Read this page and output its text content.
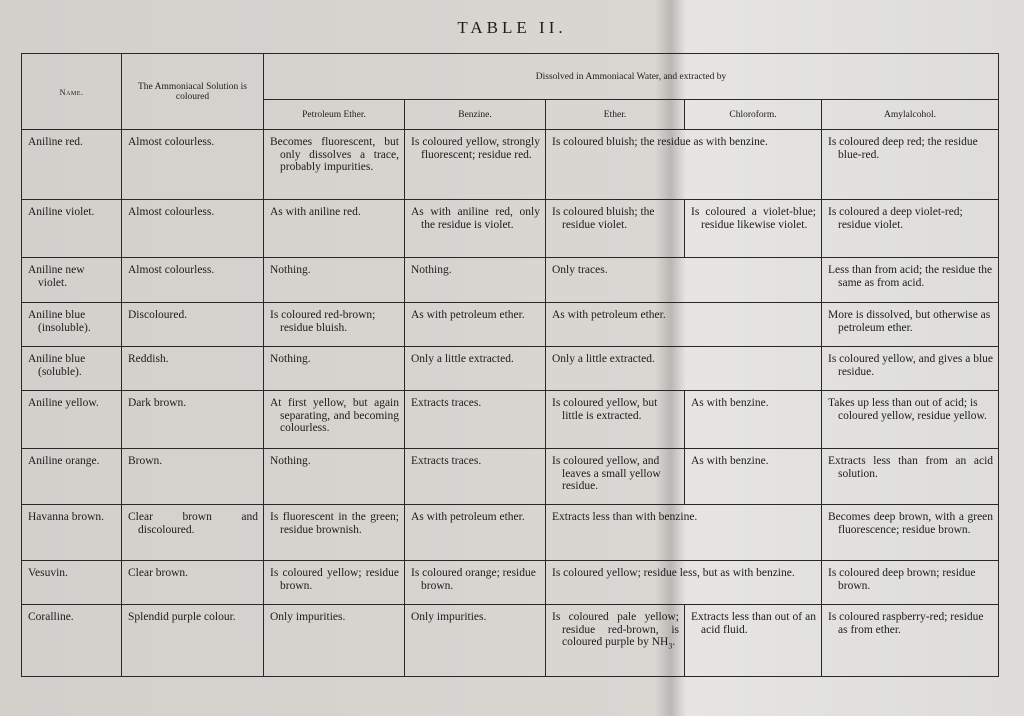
TABLE II.
Name.	The Ammoniacal Solution is coloured	Dissolved in Ammoniacal Water, and extracted by				
		Petroleum Ether.	Benzine.	Ether.	Chloroform.	Amylalcohol.

Aniline red.	Almost colourless.	Becomes fluorescent, but only dissolves a trace, probably impurities.	Is coloured yellow, strongly fluorescent; residue red.	Is coloured bluish; the residue as with benzine.		Is coloured deep red; the residue blue-red.

Aniline violet.	Almost colourless.	As with aniline red.	As with aniline red, only the residue is violet.	Is coloured bluish; the residue violet.	Is coloured a violet-blue; residue likewise violet.	Is coloured a deep violet-red; residue violet.

Aniline new violet.	Almost colourless.	Nothing.	Nothing.	Only traces.		Less than from acid; the residue the same as from acid.

Aniline blue (insoluble).	Discoloured.	Is coloured red-brown; residue bluish.	As with petroleum ether.	As with petroleum ether.		More is dissolved, but otherwise as petroleum ether.

Aniline blue (soluble).	Reddish.	Nothing.	Only a little extracted.	Only a little extracted.		Is coloured yellow, and gives a blue residue.

Aniline yellow.	Dark brown.	At first yellow, but again separating, and becoming colourless.	Extracts traces.	Is coloured yellow, but little is extracted.	As with benzine.	Takes up less than out of acid; is coloured yellow, residue yellow.

Aniline orange.	Brown.	Nothing.	Extracts traces.	Is coloured yellow, and leaves a small yellow residue.	As with benzine.	Extracts less than from an acid solution.

Havanna brown.	Clear brown and discoloured.	Is fluorescent in the green; residue brownish.	As with petroleum ether.	Extracts less than with benzine.		Becomes deep brown, with a green fluorescence; residue brown.

Vesuvin.	Clear brown.	Is coloured yellow; residue brown.	Is coloured orange; residue brown.	Is coloured yellow; residue less, but as with benzine.		Is coloured deep brown; residue brown.

Coralline.	Splendid purple colour.	Only impurities.	Only impurities.	Is coloured pale yellow; residue red-brown, is coloured purple by $NH_3$.	Extracts less than out of an acid fluid.	Is coloured raspberry-red; residue as from ether.
